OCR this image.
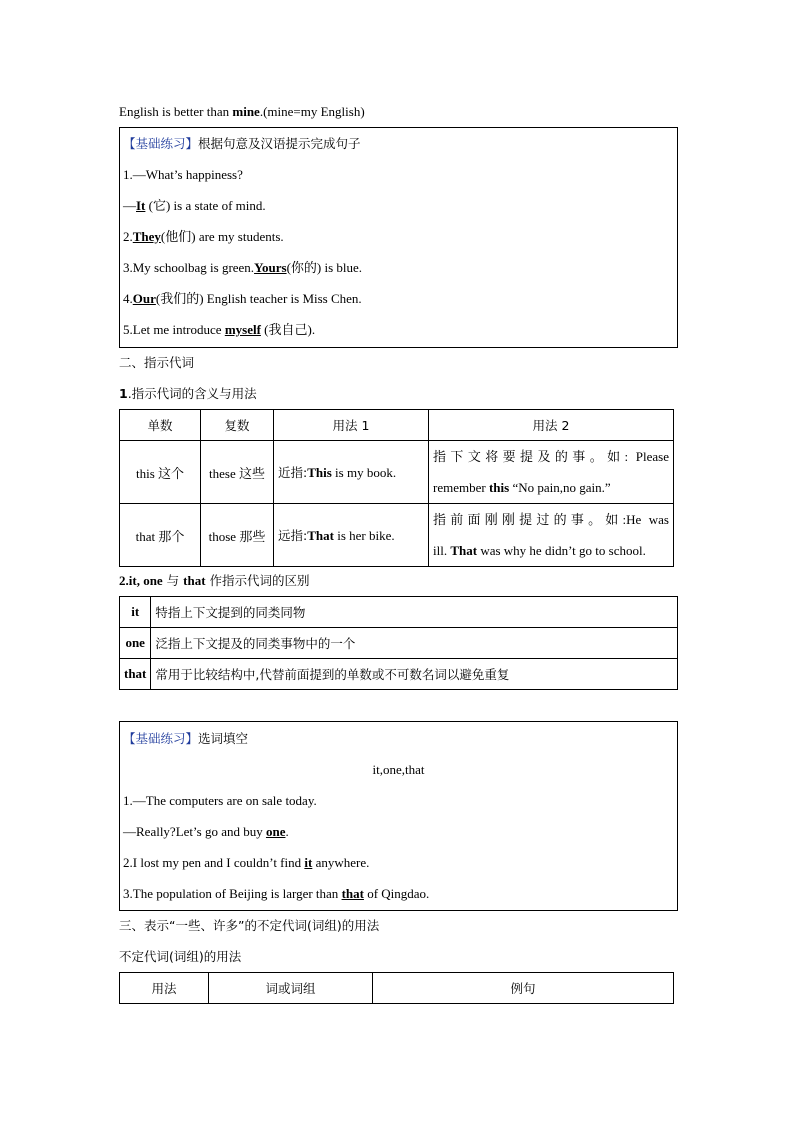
English is better than mine.(mine=my English)
【基础练习】根据句意及汉语提示完成句子
1.—What’s happiness?
—It (它) is a state of mind.
2.They(他们) are my students.
3.My schoolbag is green.Yours(你的) is blue.
4.Our(我们的) English teacher is Miss Chen.
5.Let me introduce myself (我自己).
二、指示代词
1.指示代词的含义与用法
单数	复数	用法 1	用法 2
this 这个	these 这些	近指:This is my book.	指下文将要提及的事。如: Please
remember this “No pain,no gain.”

that 那个	those 那些	远指:That is her bike.	指前面刚刚提过的事。如:He was
ill. That was why he didn’t go to school.
2.it, one 与 that 作指示代词的区别
it	特指上下文提到的同类同物
one	泛指上下文提及的同类事物中的一个
that	常用于比较结构中,代替前面提到的单数或不可数名词以避免重复
【基础练习】选词填空
it,one,that
1.—The computers are on sale today.
—Really?Let’s go and buy one.
2.I lost my pen and I couldn’t find it anywhere.
3.The population of Beijing is larger than that of Qingdao.
三、表示“一些、许多”的不定代词(词组)的用法
不定代词(词组)的用法
用法	词或词组	例句
